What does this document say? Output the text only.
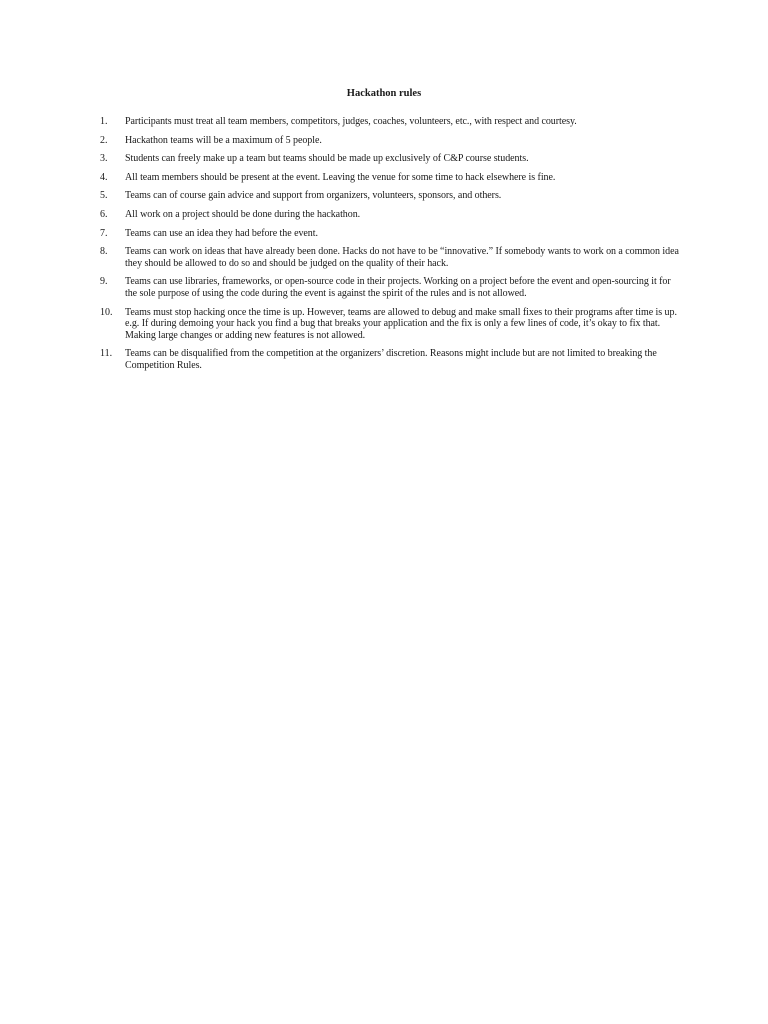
Hackathon rules
1.	Participants must treat all team members, competitors, judges, coaches, volunteers, etc., with respect and courtesy.
2.	Hackathon teams will be a maximum of 5 people.
3.	Students can freely make up a team but teams should be made up exclusively of C&P course students.
4.	All team members should be present at the event. Leaving the venue for some time to hack elsewhere is fine.
5.	Teams can of course gain advice and support from organizers, volunteers, sponsors, and others.
6.	All work on a project should be done during the hackathon.
7.	Teams can use an idea they had before the event.
8.	Teams can work on ideas that have already been done. Hacks do not have to be “innovative.” If somebody wants to work on a common idea they should be allowed to do so and should be judged on the quality of their hack.
9.	Teams can use libraries, frameworks, or open-source code in their projects. Working on a project before the event and open-sourcing it for the sole purpose of using the code during the event is against the spirit of the rules and is not allowed.
10.	Teams must stop hacking once the time is up. However, teams are allowed to debug and make small fixes to their programs after time is up. e.g. If during demoing your hack you find a bug that breaks your application and the fix is only a few lines of code, it’s okay to fix that. Making large changes or adding new features is not allowed.
11.	Teams can be disqualified from the competition at the organizers’ discretion. Reasons might include but are not limited to breaking the Competition Rules.
